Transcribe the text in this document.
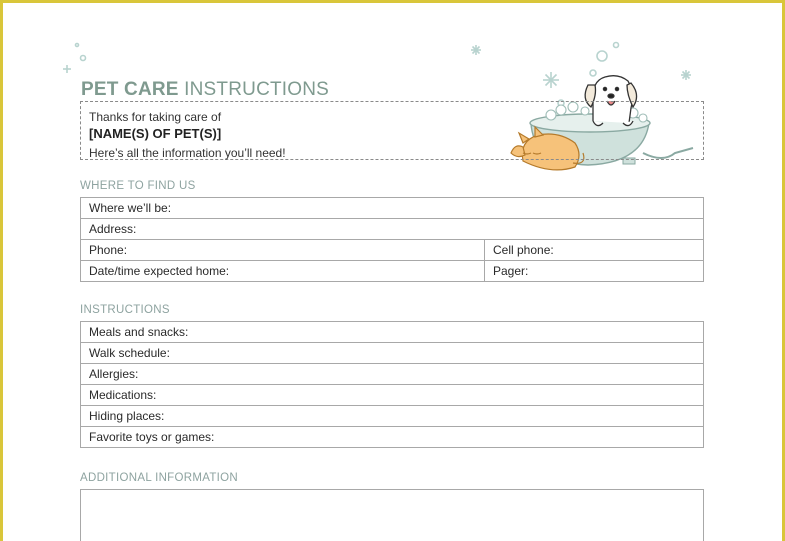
PET CARE INSTRUCTIONS
Thanks for taking care of
[NAME(S) OF PET(S)]
Here’s all the information you’ll need!
WHERE TO FIND US
Where we’ll be:	
Address:	
Phone:	Cell phone:
Date/time expected home:	Pager:
INSTRUCTIONS
Meals and snacks:
Walk schedule:
Allergies:
Medications:
Hiding places:
Favorite toys or games:
ADDITIONAL INFORMATION
